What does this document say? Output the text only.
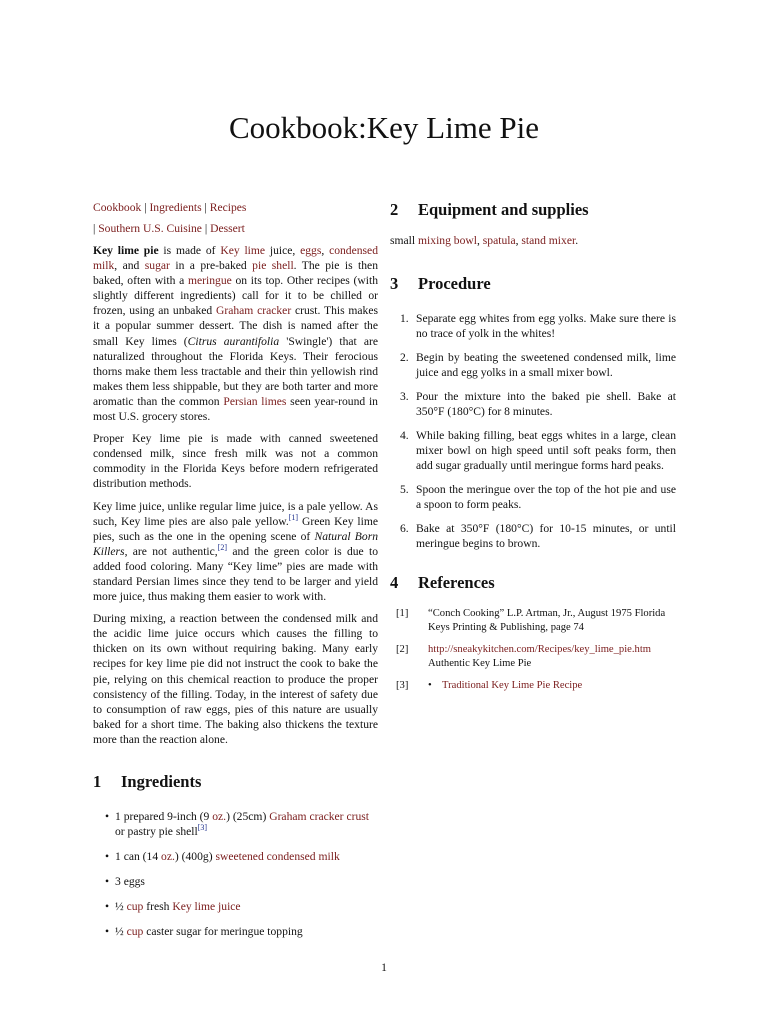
Cookbook:Key Lime Pie
Cookbook | Ingredients | Recipes
| Southern U.S. Cuisine | Dessert

Key lime pie is made of Key lime juice, eggs, condensed milk, and sugar in a pre-baked pie shell. The pie is then baked, often with a meringue on its top. Other recipes (with slightly different ingredients) call for it to be chilled or frozen, using an unbaked Graham cracker crust. This makes it a popular summer dessert. The dish is named after the small Key limes (Citrus aurantifolia 'Swingle') that are naturalized throughout the Florida Keys. Their ferocious thorns make them less tractable and their thin yellowish rind makes them less shippable, but they are both tarter and more aromatic than the common Persian limes seen year-round in most U.S. grocery stores.

Proper Key lime pie is made with canned sweetened condensed milk, since fresh milk was not a common commodity in the Florida Keys before modern refrigerated distribution methods.

Key lime juice, unlike regular lime juice, is a pale yellow. As such, Key lime pies are also pale yellow.[1] Green Key lime pies, such as the one in the opening scene of Natural Born Killers, are not authentic,[2] and the green color is due to added food coloring. Many “Key lime” pies are made with standard Persian limes since they tend to be larger and yield more juice, thus making them easier to work with.

During mixing, a reaction between the condensed milk and the acidic lime juice occurs which causes the filling to thicken on its own without requiring baking. Many early recipes for key lime pie did not instruct the cook to bake the pie, relying on this chemical reaction to produce the proper consistency of the filling. Today, in the interest of safety due to consumption of raw eggs, pies of this nature are usually baked for a short time. The baking also thickens the texture more than the reaction alone.

1 Ingredients
• 1 prepared 9-inch (9 oz.) (25cm) Graham cracker crust or pastry pie shell[3]
• 1 can (14 oz.) (400g) sweetened condensed milk
• 3 eggs
• ½ cup fresh Key lime juice
• ½ cup caster sugar for meringue topping
2 Equipment and supplies

small mixing bowl, spatula, stand mixer.

3 Procedure
1. Separate egg whites from egg yolks. Make sure there is no trace of yolk in the whites!
2. Begin by beating the sweetened condensed milk, lime juice and egg yolks in a small mixer bowl.
3. Pour the mixture into the baked pie shell. Bake at 350°F (180°C) for 8 minutes.
4. While baking filling, beat eggs whites in a large, clean mixer bowl on high speed until soft peaks form, then add sugar gradually until meringue forms hard peaks.
5. Spoon the meringue over the top of the hot pie and use a spoon to form peaks.
6. Bake at 350°F (180°C) for 10-15 minutes, or until meringue begins to brown.
4 References
[1] “Conch Cooking” L.P. Artman, Jr., August 1975 Florida Keys Printing & Publishing, page 74
[2] http://sneakykitchen.com/Recipes/key_lime_pie.htm
Authentic Key Lime Pie
[3]
•	Traditional Key Lime Pie Recipe
1
